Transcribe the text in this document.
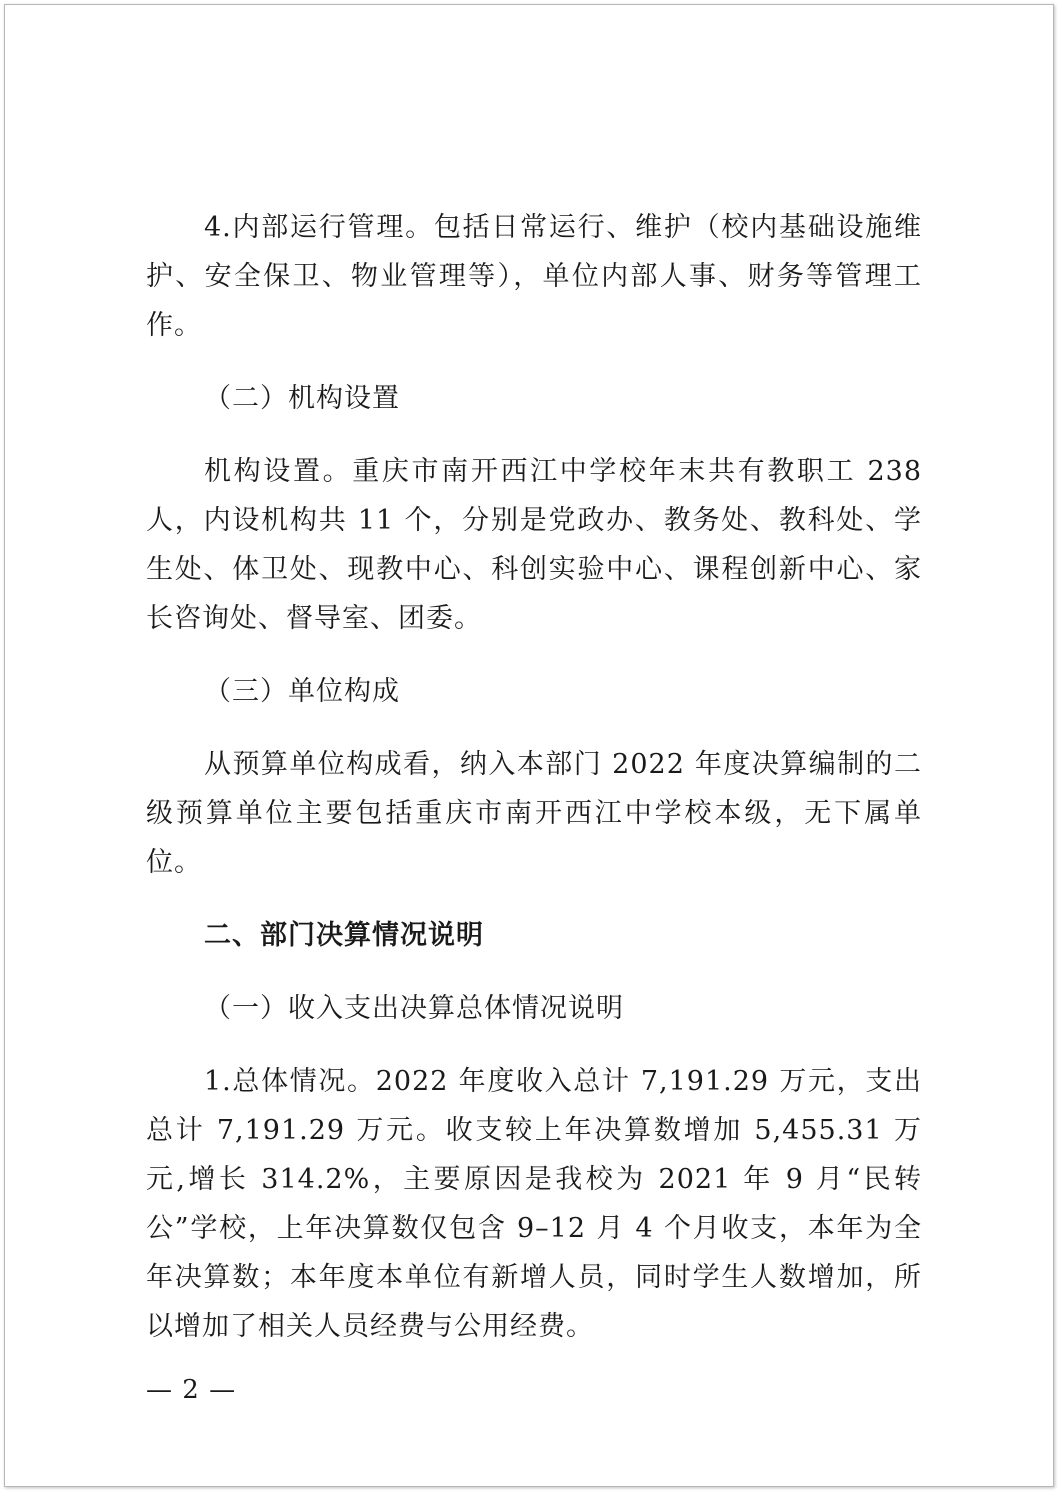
4.内部运行管理。包括日常运行、维护（校内基础设施维护、安全保卫、物业管理等），单位内部人事、财务等管理工作。

（二）机构设置

机构设置。重庆市南开西江中学校年末共有教职工 238 人，内设机构共 11 个，分别是党政办、教务处、教科处、学生处、体卫处、现教中心、科创实验中心、课程创新中心、家长咨询处、督导室、团委。

（三）单位构成

从预算单位构成看，纳入本部门 2022 年度决算编制的二级预算单位主要包括重庆市南开西江中学校本级，无下属单位。

二、部门决算情况说明

（一）收入支出决算总体情况说明

1.总体情况。2022 年度收入总计 7,191.29 万元，支出总计 7,191.29 万元。收支较上年决算数增加 5,455.31 万元,增长 314.2%，主要原因是我校为 2021 年 9 月“民转公”学校，上年决算数仅包含 9–12 月 4 个月收支，本年为全年决算数；本年度本单位有新增人员，同时学生人数增加，所以增加了相关人员经费与公用经费。

— 2 —
